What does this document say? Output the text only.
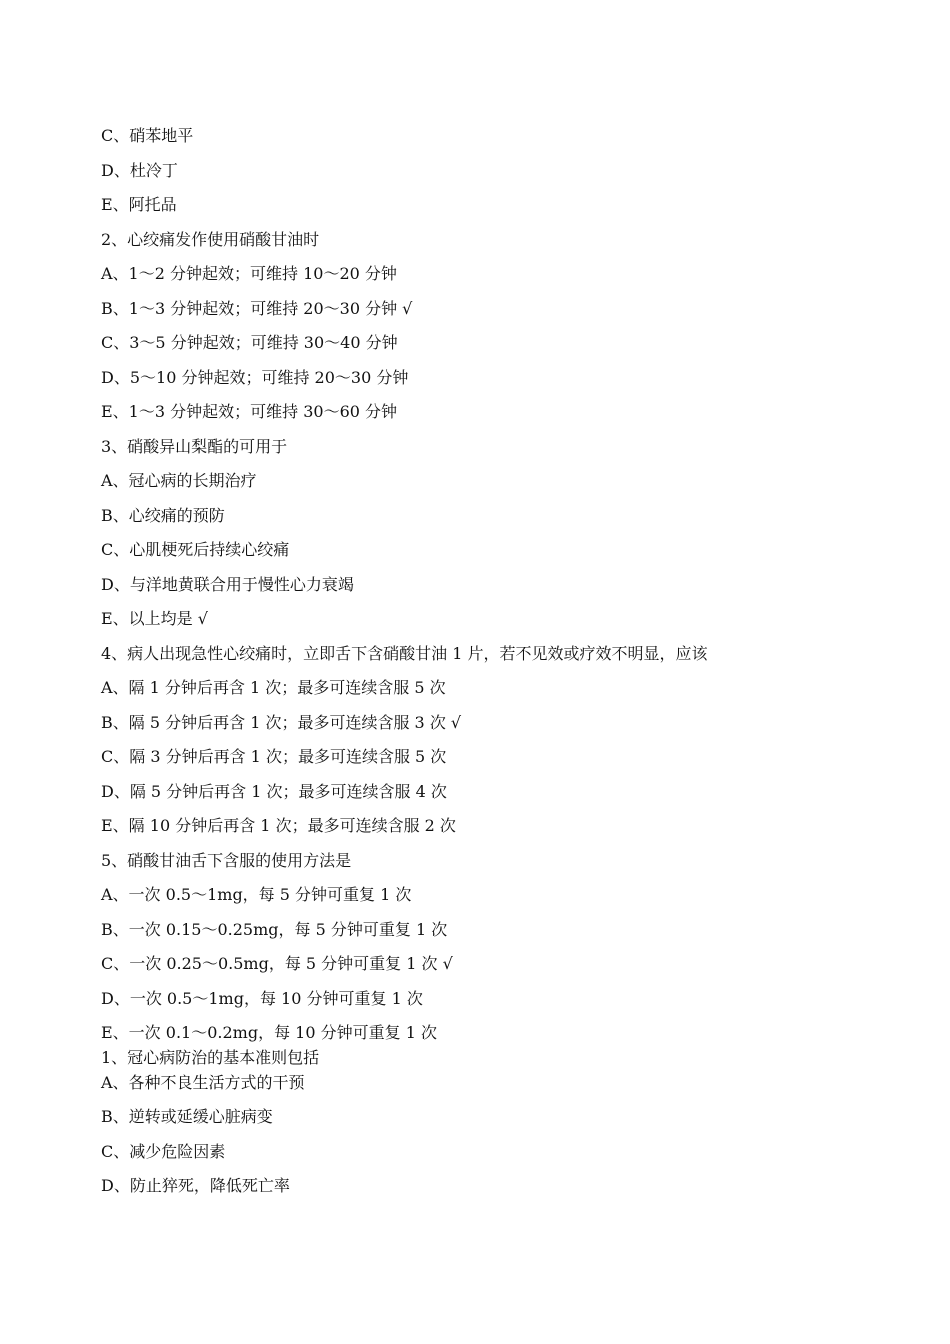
C、硝苯地平
D、杜冷丁
E、阿托品
2、心绞痛发作使用硝酸甘油时
A、1～2 分钟起效；可维持 10～20 分钟
B、1～3 分钟起效；可维持 20～30 分钟 √
C、3～5 分钟起效；可维持 30～40 分钟
D、5～10 分钟起效；可维持 20～30 分钟
E、1～3 分钟起效；可维持 30～60 分钟
3、硝酸异山梨酯的可用于
A、冠心病的长期治疗
B、心绞痛的预防
C、心肌梗死后持续心绞痛
D、与洋地黄联合用于慢性心力衰竭
E、以上均是 √
4、病人出现急性心绞痛时，立即舌下含硝酸甘油 1 片，若不见效或疗效不明显，应该
A、隔 1 分钟后再含 1 次；最多可连续含服 5 次
B、隔 5 分钟后再含 1 次；最多可连续含服 3 次 √
C、隔 3 分钟后再含 1 次；最多可连续含服 5 次
D、隔 5 分钟后再含 1 次；最多可连续含服 4 次
E、隔 10 分钟后再含 1 次；最多可连续含服 2 次
5、硝酸甘油舌下含服的使用方法是
A、一次 0.5～1mg，每 5 分钟可重复 1 次
B、一次 0.15～0.25mg，每 5 分钟可重复 1 次
C、一次 0.25～0.5mg，每 5 分钟可重复 1 次 √
D、一次 0.5～1mg，每 10 分钟可重复 1 次
E、一次 0.1～0.2mg，每 10 分钟可重复 1 次
1、冠心病防治的基本准则包括
A、各种不良生活方式的干预
B、逆转或延缓心脏病变
C、减少危险因素
D、防止猝死，降低死亡率
